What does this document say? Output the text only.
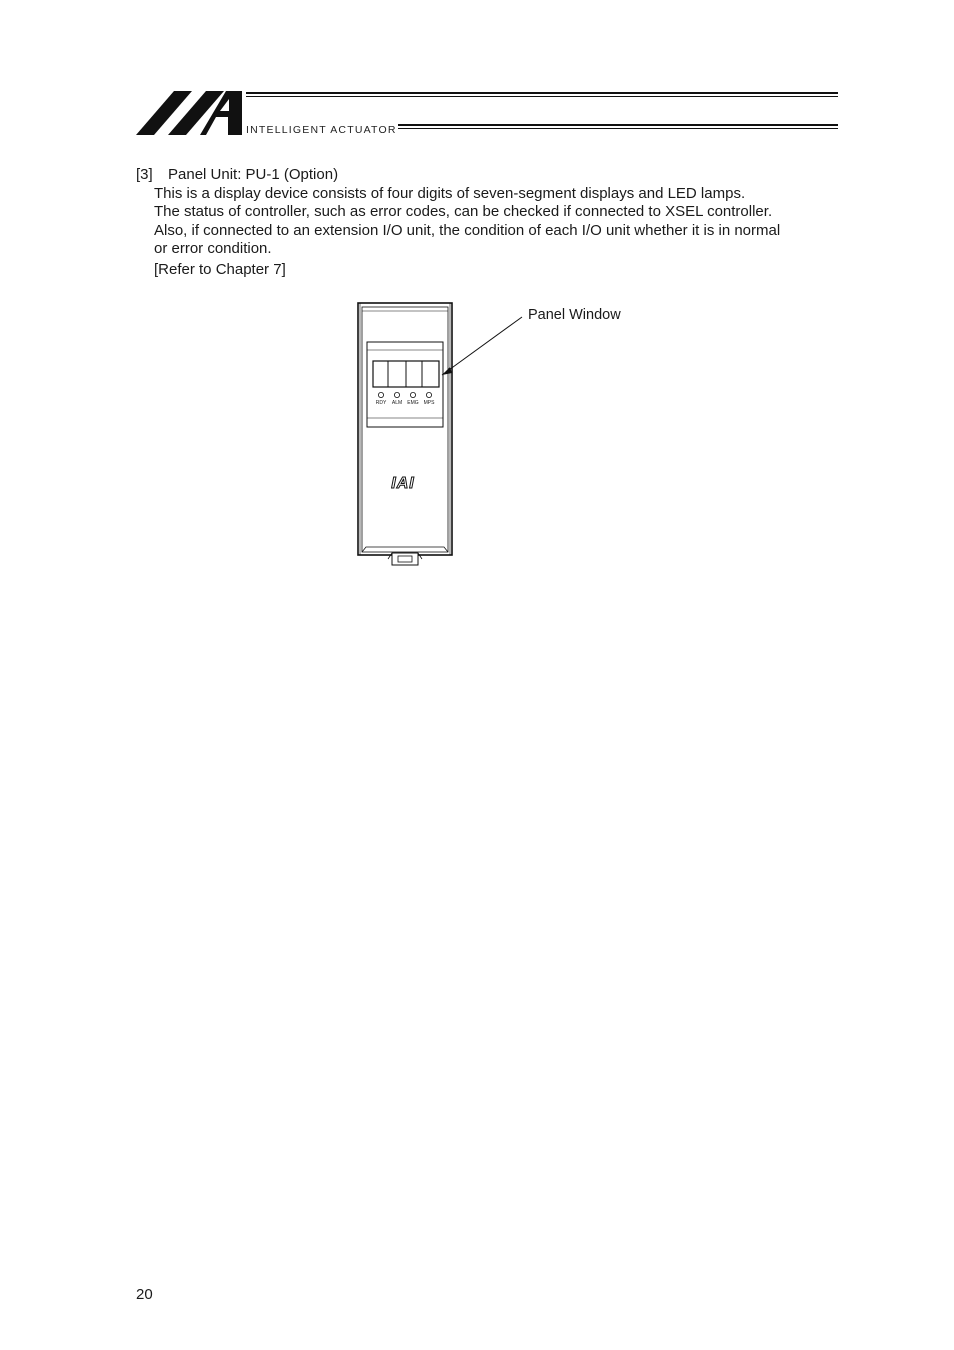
INTELLIGENT ACTUATOR

[3] Panel Unit: PU-1 (Option)

This is a display device consists of four digits of seven-segment displays and LED lamps.

The status of controller, such as error codes, can be checked if connected to XSEL controller.

Also, if connected to an extension I/O unit, the condition of each I/O unit whether it is in normal

or error condition.

[Refer to Chapter 7]

Panel Window
RDY	ALM	EMG MPS
IAI
20
